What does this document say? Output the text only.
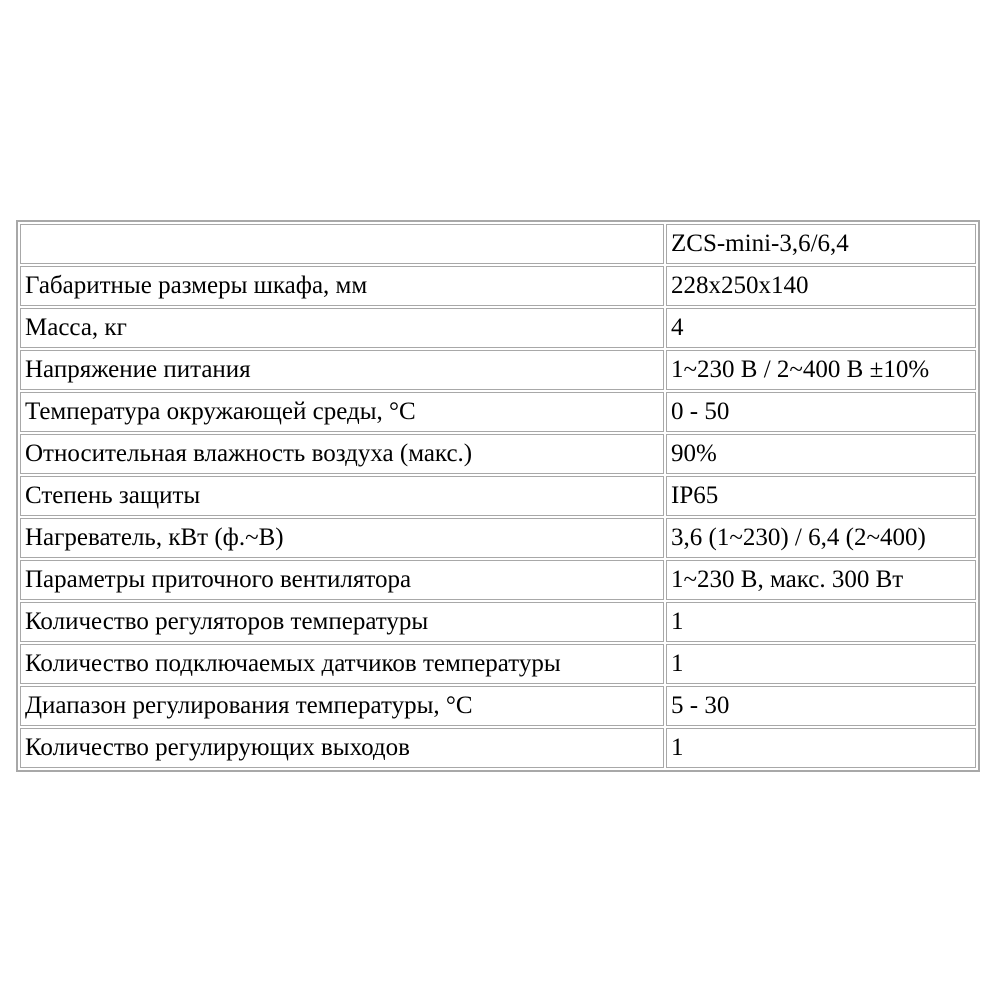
	ZCS-mini-3,6/6,4
Габаритные размеры шкафа, мм	228x250x140
Масса, кг	4
Напряжение питания	1~230 В / 2~400 В ±10%
Температура окружающей среды, °С	0 - 50
Относительная влажность воздуха (макс.)	90%
Степень защиты	IP65
Нагреватель, кВт (ф.~В)	3,6 (1~230) / 6,4 (2~400)
Параметры приточного вентилятора	1~230 В, макс. 300 Вт
Количество регуляторов температуры	1
Количество подключаемых датчиков температуры	1
Диапазон регулирования температуры, °С	5 - 30
Количество регулирующих выходов	1
